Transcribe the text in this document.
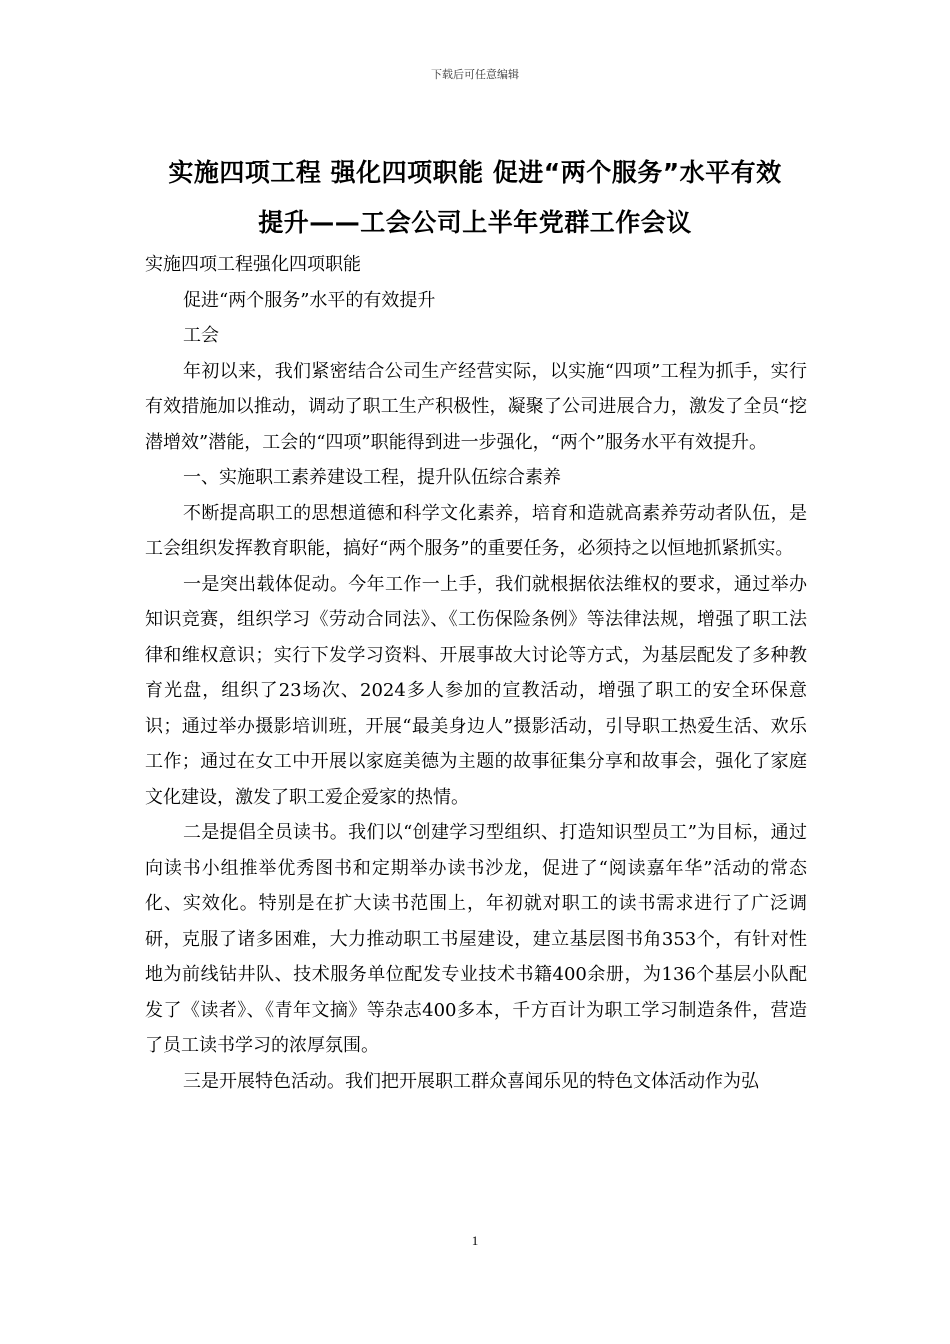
下载后可任意编辑
实施四项工程 强化四项职能 促进“两个服务”水平有效
提升——工会公司上半年党群工作会议

实施四项工程强化四项职能

促进“两个服务”水平的有效提升

工会

年初以来，我们紧密结合公司生产经营实际，以实施“四项”工程为抓手，实行有效措施加以推动，调动了职工生产积极性，凝聚了公司进展合力，激发了全员“挖潜增效”潜能，工会的“四项”职能得到进一步强化，“两个”服务水平有效提升。

一、实施职工素养建设工程，提升队伍综合素养

不断提高职工的思想道德和科学文化素养，培育和造就高素养劳动者队伍，是工会组织发挥教育职能，搞好“两个服务”的重要任务，必须持之以恒地抓紧抓实。

一是突出载体促动。今年工作一上手，我们就根据依法维权的要求，通过举办知识竞赛，组织学习《劳动合同法》、《工伤保险条例》等法律法规，增强了职工法律和维权意识；实行下发学习资料、开展事故大讨论等方式，为基层配发了多种教育光盘，组织了23场次、2024多人参加的宣教活动，增强了职工的安全环保意识；通过举办摄影培训班，开展“最美身边人”摄影活动，引导职工热爱生活、欢乐工作；通过在女工中开展以家庭美德为主题的故事征集分享和故事会，强化了家庭文化建设，激发了职工爱企爱家的热情。

二是提倡全员读书。我们以“创建学习型组织、打造知识型员工”为目标，通过向读书小组推举优秀图书和定期举办读书沙龙，促进了“阅读嘉年华”活动的常态化、实效化。特别是在扩大读书范围上，年初就对职工的读书需求进行了广泛调研，克服了诸多困难，大力推动职工书屋建设，建立基层图书角353个，有针对性地为前线钻井队、技术服务单位配发专业技术书籍400余册，为136个基层小队配发了《读者》、《青年文摘》等杂志400多本，千方百计为职工学习制造条件，营造了员工读书学习的浓厚氛围。

三是开展特色活动。我们把开展职工群众喜闻乐见的特色文体活动作为弘

1
